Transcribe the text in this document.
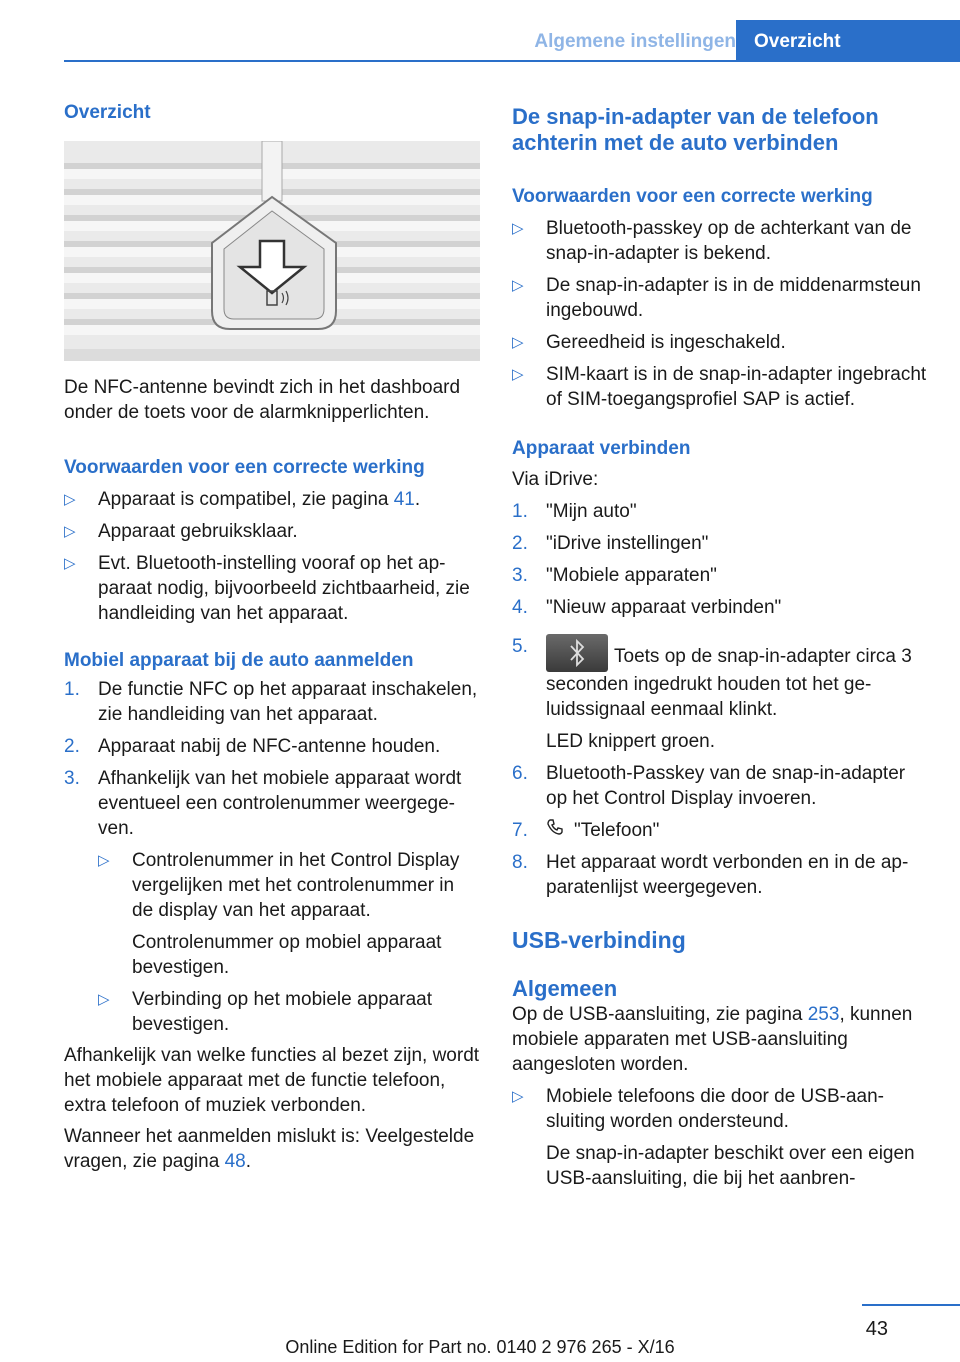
Algemene instellingen Overzicht
Overzicht
De NFC-antenne bevindt zich in het dashboard onder de toets voor de alarmknipperlichten.
Voorwaarden voor een correcte werking
▷ Apparaat is compatibel, zie pagina 41.
▷ Apparaat gebruiksklaar.
▷ Evt. Bluetooth-instelling vooraf op het apparaat nodig, bijvoorbeeld zichtbaarheid, zie handleiding van het apparaat.
Mobiel apparaat bij de auto aanmelden
1. De functie NFC op het apparaat inschakelen, zie handleiding van het apparaat.
2. Apparaat nabij de NFC-antenne houden.
3. Afhankelijk van het mobiele apparaat wordt eventueel een controlenummer weergegeven.
▷ Controlenummer in het Control Display vergelijken met het controlenummer in de display van het apparaat.
Controlenummer op mobiel apparaat bevestigen.
▷ Verbinding op het mobiele apparaat bevestigen.
Afhankelijk van welke functies al bezet zijn, wordt het mobiele apparaat met de functie telefoon, extra telefoon of muziek verbonden.
Wanneer het aanmelden mislukt is: Veelgestelde vragen, zie pagina 48.
De snap-in-adapter van de telefoon achterin met de auto verbinden
Voorwaarden voor een correcte werking
▷ Bluetooth-passkey op de achterkant van de snap-in-adapter is bekend.
▷ De snap-in-adapter is in de middenarmsteun ingebouwd.
▷ Gereedheid is ingeschakeld.
▷ SIM-kaart is in de snap-in-adapter ingebracht of SIM-toegangsprofiel SAP is actief.
Apparaat verbinden
Via iDrive:
1. "Mijn auto"
2. "iDrive instellingen"
3. "Mobiele apparaten"
4. "Nieuw apparaat verbinden"
5.	Toets op de snap-in-adapter circa 3 seconden ingedrukt houden tot het geluidssignaal eenmaal klinkt.
LED knippert groen.
6. Bluetooth-Passkey van de snap-in-adapter op het Control Display invoeren.
7. "Telefoon"
8. Het apparaat wordt verbonden en in de apparatenlijst weergegeven.
USB-verbinding
Algemeen
Op de USB-aansluiting, zie pagina 253, kunnen mobiele apparaten met USB-aansluiting aangesloten worden.
▷ Mobiele telefoons die door de USB-aansluiting worden ondersteund.
De snap-in-adapter beschikt over een eigen USB-aansluiting, die bij het aanbren-
43
Online Edition for Part no. 0140 2 976 265 - X/16
